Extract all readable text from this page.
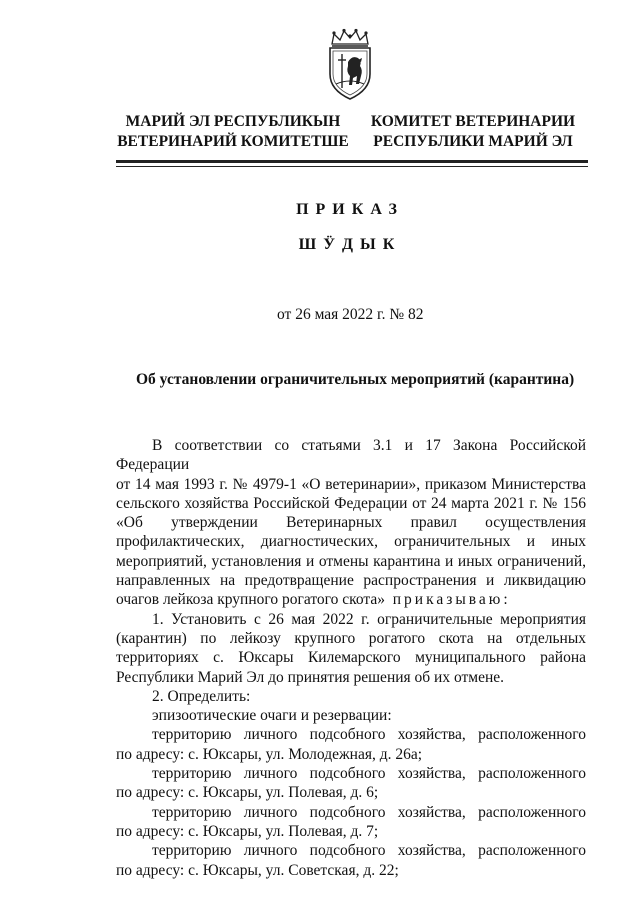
МАРИЙ ЭЛ РЕСПУБЛИКЫН
ВЕТЕРИНАРИЙ КОМИТЕТШЕ
КОМИТЕТ ВЕТЕРИНАРИИ
РЕСПУБЛИКИ МАРИЙ ЭЛ
ПРИКАЗ
ШӰДЫК
от 26 мая 2022 г. № 82
Об установлении ограничительных мероприятий (карантина)

В соответствии со статьями 3.1 и 17 Закона Российской Федерации

от 14 мая 1993 г. № 4979-1 «О ветеринарии», приказом Министерства

сельского хозяйства Российской Федерации от 24 марта 2021 г. № 156

«Об утверждении Ветеринарных правил осуществления

профилактических, диагностических, ограничительных и иных

мероприятий, установления и отмены карантина и иных ограничений,

направленных на предотвращение распространения и ликвидацию

очагов лейкоза крупного рогатого скота» приказываю:

1. Установить с 26 мая 2022 г. ограничительные мероприятия

(карантин) по лейкозу крупного рогатого скота на отдельных

территориях с. Юксары Килемарского муниципального района

Республики Марий Эл до принятия решения об их отмене.

2. Определить:

эпизоотические очаги и резервации:

территорию личного подсобного хозяйства, расположенного

по адресу: с. Юксары, ул. Молодежная, д. 26а;

территорию личного подсобного хозяйства, расположенного

по адресу: с. Юксары, ул. Полевая, д. 6;

территорию личного подсобного хозяйства, расположенного

по адресу: с. Юксары, ул. Полевая, д. 7;

территорию личного подсобного хозяйства, расположенного

по адресу: с. Юксары, ул. Советская, д. 22;
